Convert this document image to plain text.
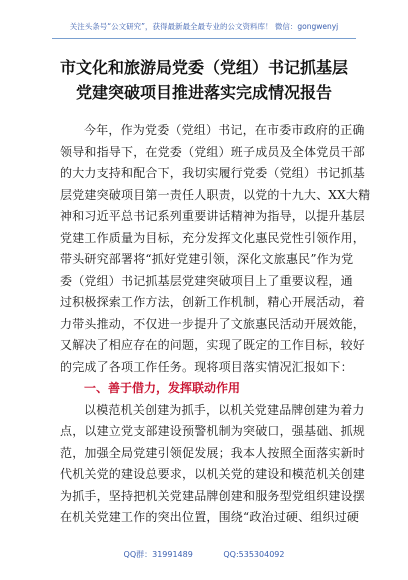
关注头条号“公文研究”，获得最新最全最专业的公文资料库！ 微信：gongwenyj
市文化和旅游局党委（党组）书记抓基层
党建突破项目推进落实完成情况报告
今年，作为党委（党组）书记，在市委市政府的正确
领导和指导下，在党委（党组）班子成员及全体党员干部
的大力支持和配合下，我切实履行党委（党组）书记抓基
层党建突破项目第一责任人职责，以党的十九大、XX大精
神和习近平总书记系列重要讲话精神为指导，以提升基层
党建工作质量为目标，充分发挥文化惠民党性引领作用，
带头研究部署将“抓好党建引领，深化文旅惠民”作为党
委（党组）书记抓基层党建突破项目上了重要议程，通
过积极探索工作方法，创新工作机制，精心开展活动，着
力带头推动，不仅进一步提升了文旅惠民活动开展效能，
又解决了相应存在的问题，实现了既定的工作目标，较好
的完成了各项工作任务。现将项目落实情况汇报如下：
一、善于借力，发挥联动作用
以模范机关创建为抓手，以机关党建品牌创建为着力
点，以建立党支部建设预警机制为突破口，强基础、抓规
范，加强全局党建引领促发展；我本人按照全面落实新时
代机关党的建设总要求，以机关党的建设和模范机关创建
为抓手，坚持把机关党建品牌创建和服务型党组织建设摆
在机关党建工作的突出位置，围绕“政治过硬、组织过硬
QQ群：31991489	QQ:535304092
